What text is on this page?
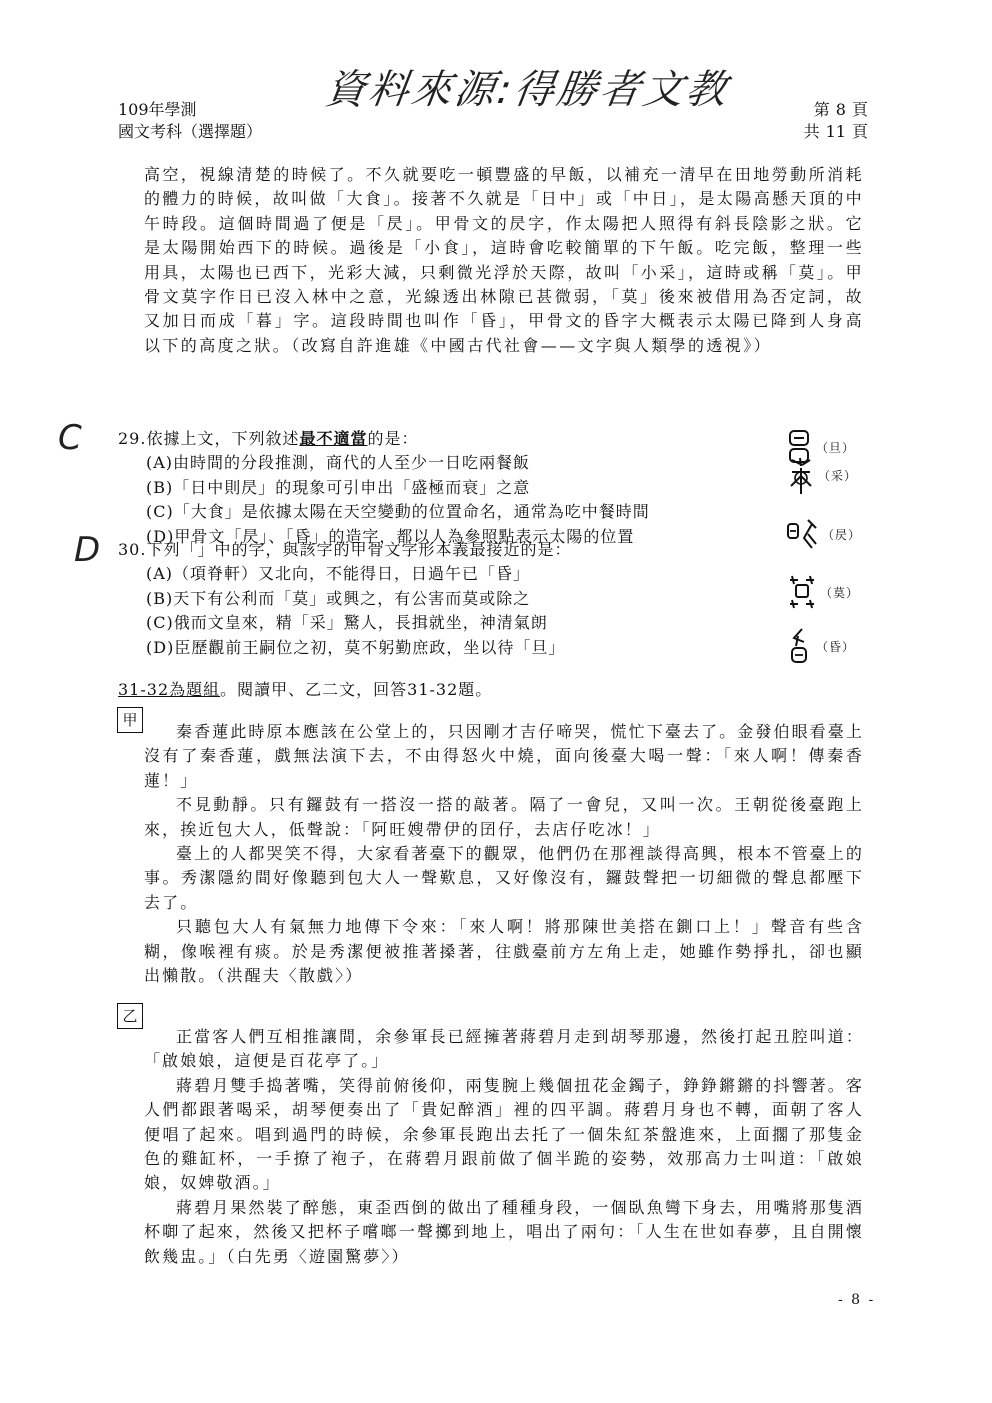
資料來源:得勝者文教
109年學測
國文考科（選擇題）
第 8 頁
共 11 頁

高空，視線清楚的時候了。不久就要吃一頓豐盛的早飯，以補充一清早在田地勞動所消耗的體力的時候，故叫做「大食」。接著不久就是「日中」或「中日」，是太陽高懸天頂的中午時段。這個時間過了便是「昃」。甲骨文的昃字，作太陽把人照得有斜長陰影之狀。它是太陽開始西下的時候。過後是「小食」，這時會吃較簡單的下午飯。吃完飯，整理一些用具，太陽也已西下，光彩大減，只剩微光浮於天際，故叫「小采」，這時或稱「莫」。甲骨文莫字作日已沒入林中之意，光線透出林隙已甚微弱，「莫」後來被借用為否定詞，故又加日而成「暮」字。這段時間也叫作「昏」，甲骨文的昏字大概表示太陽已降到人身高以下的高度之狀。（改寫自許進雄《中國古代社會——文字與人類學的透視》）

C 29.依據上文，下列敘述最不適當的是：

(A)由時間的分段推測，商代的人至少一日吃兩餐飯
(B)「日中則昃」的現象可引申出「盛極而衰」之意
(C)「大食」是依據太陽在天空變動的位置命名，通常為吃中餐時間
(D)甲骨文「昃」、「昏」的造字，都以人為參照點表示太陽的位置
D 30.下列「」中的字，與該字的甲骨文字形本義最接近的是：

(A)（項脊軒）又北向，不能得日，日過午已「昏」
(B)天下有公利而「莫」或興之，有公害而莫或除之
(C)俄而文皇來，精「采」驚人，長揖就坐，神清氣朗
(D)臣歷觀前王嗣位之初，莫不躬勤庶政，坐以待「旦」
（旦）
（采）
（昃）
（莫）
（昏）
31-32為題組。閱讀甲、乙二文，回答31-32題。
甲

秦香蓮此時原本應該在公堂上的，只因剛才吉仔啼哭，慌忙下臺去了。金發伯眼看臺上沒有了秦香蓮，戲無法演下去，不由得怒火中燒，面向後臺大喝一聲：「來人啊！傳秦香蓮！」

不見動靜。只有鑼鼓有一搭沒一搭的敲著。隔了一會兒，又叫一次。王朝從後臺跑上來，挨近包大人，低聲說：「阿旺嫂帶伊的囝仔，去店仔吃冰！」

臺上的人都哭笑不得，大家看著臺下的觀眾，他們仍在那裡談得高興，根本不管臺上的事。秀潔隱約間好像聽到包大人一聲歎息，又好像沒有，鑼鼓聲把一切細微的聲息都壓下去了。

只聽包大人有氣無力地傳下令來：「來人啊！將那陳世美搭在鍘口上！」聲音有些含糊，像喉裡有痰。於是秀潔便被推著搡著，往戲臺前方左角上走，她雖作勢掙扎，卻也顯出懶散。（洪醒夫〈散戲〉）

乙

正當客人們互相推讓間，余參軍長已經擁著蔣碧月走到胡琴那邊，然後打起丑腔叫道：「啟娘娘，這便是百花亭了。」

蔣碧月雙手捣著嘴，笑得前俯後仰，兩隻腕上幾個扭花金鐲子，錚錚鏘鏘的抖響著。客人們都跟著喝采，胡琴便奏出了「貴妃醉酒」裡的四平調。蔣碧月身也不轉，面朝了客人便唱了起來。唱到過門的時候，余參軍長跑出去托了一個朱紅茶盤進來，上面擱了那隻金色的雞缸杯，一手撩了袍子，在蔣碧月跟前做了個半跪的姿勢，效那高力士叫道：「啟娘娘，奴婢敬酒。」

蔣碧月果然裝了醉態，東歪西倒的做出了種種身段，一個臥魚彎下身去，用嘴將那隻酒杯啣了起來，然後又把杯子嚐啷一聲擲到地上，唱出了兩句：「人生在世如春夢，且自開懷飲幾盅。」（白先勇〈遊園驚夢〉）

- 8 -
